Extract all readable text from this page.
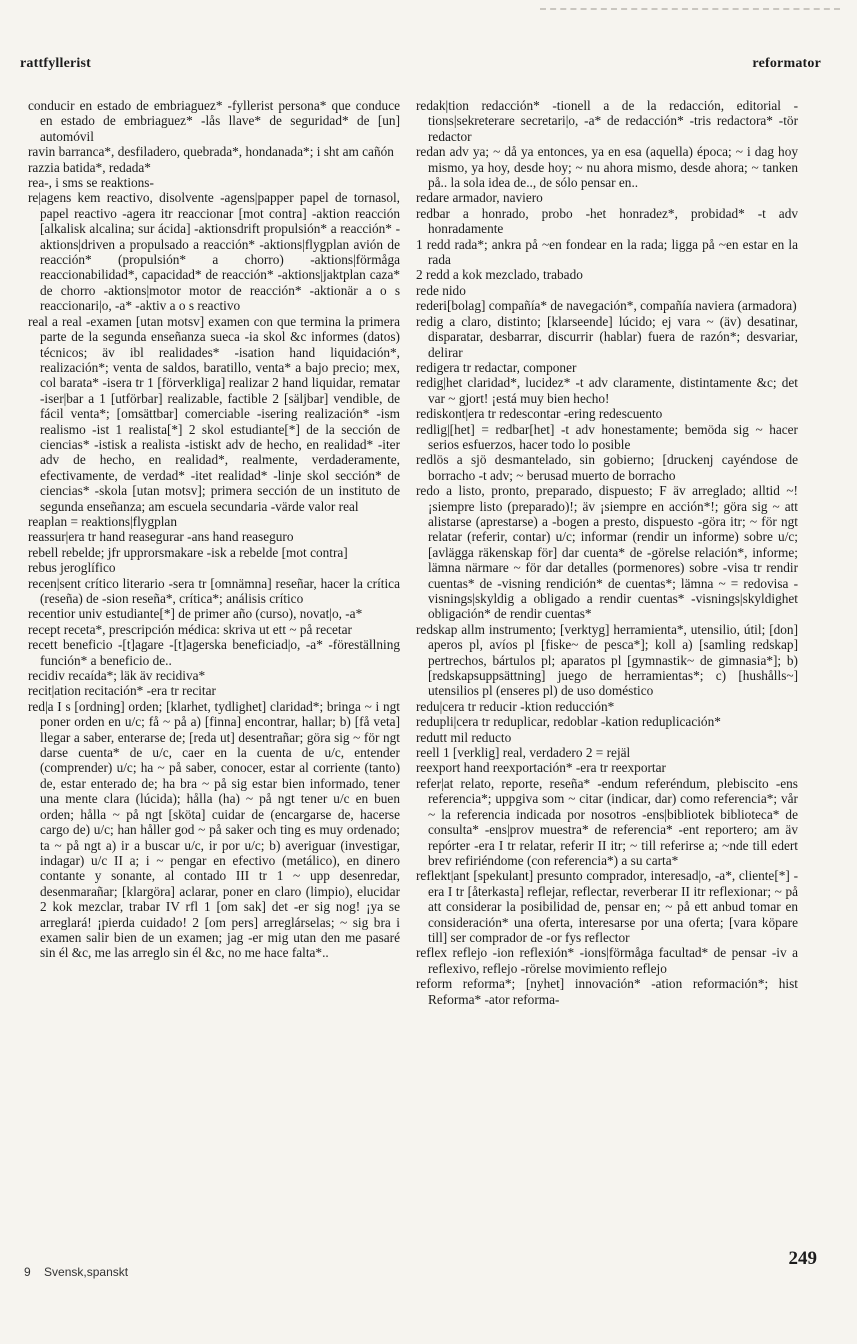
rattfyllerist	reformator

conducir en estado de embriaguez* -fyllerist persona* que conduce en estado de embriaguez* -lås llave* de seguridad* de [un] automóvil

ravin barranca*, desfiladero, quebrada*, hondanada*; i sht am cañón

razzia batida*, redada*

rea-, i sms se reaktions-

re|agens kem reactivo, disolvente -agens|papper papel de tornasol, papel reactivo -agera itr reaccionar [mot contra] -aktion reacción [alkalisk alcalina; sur ácida] -aktionsdrift propulsión* a reacción* -aktions|driven a propulsado a reacción* -aktions|flygplan avión de reacción* (propulsión* a chorro) -aktions|förmåga reaccionabilidad*, capacidad* de reacción* -aktions|jaktplan caza* de chorro -aktions|motor motor de reacción* -aktionär a o s reaccionari|o, -a* -aktiv a o s reactivo

real a real -examen [utan motsv] examen con que termina la primera parte de la segunda enseñanza sueca -ia skol &c informes (datos) técnicos; äv ibl realidades* -isation hand liquidación*, realización*; venta de saldos, baratillo, venta* a bajo precio; mex, col barata* -isera tr 1 [förverkliga] realizar 2 hand liquidar, rematar -iser|bar a 1 [utförbar] realizable, factible 2 [säljbar] vendible, de fácil venta*; [omsättbar] comerciable -isering realización* -ism realismo -ist 1 realista[*] 2 skol estudiante[*] de la sección de ciencias* -istisk a realista -istiskt adv de hecho, en realidad* -iter adv de hecho, en realidad*, realmente, verdaderamente, efectivamente, de verdad* -itet realidad* -linje skol sección* de ciencias* -skola [utan motsv]; primera sección de un instituto de segunda enseñanza; am escuela secundaria -värde valor real

reaplan = reaktions|flygplan

reassur|era tr hand reasegurar -ans hand reaseguro

rebell rebelde; jfr upprorsmakare -isk a rebelde [mot contra]

rebus jeroglífico

recen|sent crítico literario -sera tr [omnämna] reseñar, hacer la crítica (reseña) de -sion reseña*, crítica*; análisis crítico

recentior univ estudiante[*] de primer año (curso), novat|o, -a*

recept receta*, prescripción médica: skriva ut ett ~ på recetar

recett beneficio -[t]agare -[t]agerska beneficiad|o, -a* -föreställning función* a beneficio de..

recidiv recaída*; läk äv recidiva*

recit|ation recitación* -era tr recitar

red|a I s [ordning] orden; [klarhet, tydlighet] claridad*; bringa ~ i ngt poner orden en u/c; få ~ på a) [finna] encontrar, hallar; b) [få veta] llegar a saber, enterarse de; [reda ut] desentrañar; göra sig ~ för ngt darse cuenta* de u/c, caer en la cuenta de u/c, entender (comprender) u/c; ha ~ på saber, conocer, estar al corriente (tanto) de, estar enterado de; ha bra ~ på sig estar bien informado, tener una mente clara (lúcida); hålla (ha) ~ på ngt tener u/c en buen orden; hålla ~ på ngt [sköta] cuidar de (encargarse de, hacerse cargo de) u/c; han håller god ~ på saker och ting es muy ordenado; ta ~ på ngt a) ir a buscar u/c, ir por u/c; b) averiguar (investigar, indagar) u/c II a; i ~ pengar en efectivo (metálico), en dinero contante y sonante, al contado III tr 1 ~ upp desenredar, desenmarañar; [klargöra] aclarar, poner en claro (limpio), elucidar 2 kok mezclar, trabar IV rfl 1 [om sak] det -er sig nog! ¡ya se arreglará! ¡pierda cuidado! 2 [om pers] arreglárselas; ~ sig bra i examen salir bien de un examen; jag -er mig utan den me pasaré sin él &c, me las arreglo sin él &c, no me hace falta*..

redak|tion redacción* -tionell a de la redacción, editorial -tions|sekreterare secretari|o, -a* de redacción* -tris redactora* -tör redactor

redan adv ya; ~ då ya entonces, ya en esa (aquella) época; ~ i dag hoy mismo, ya hoy, desde hoy; ~ nu ahora mismo, desde ahora; ~ tanken på.. la sola idea de.., de sólo pensar en..

redare armador, naviero

redbar a honrado, probo -het honradez*, probidad* -t adv honradamente

1 redd rada*; ankra på ~en fondear en la rada; ligga på ~en estar en la rada

2 redd a kok mezclado, trabado

rede nido

rederi[bolag] compañía* de navegación*, compañía naviera (armadora)

redig a claro, distinto; [klarseende] lúcido; ej vara ~ (äv) desatinar, disparatar, desbarrar, discurrir (hablar) fuera de razón*; desvariar, delirar

redigera tr redactar, componer

redig|het claridad*, lucidez* -t adv claramente, distintamente &c; det var ~ gjort! ¡está muy bien hecho!

rediskont|era tr redescontar -ering redescuento

redlig|[het] = redbar[het] -t adv honestamente; bemöda sig ~ hacer serios esfuerzos, hacer todo lo posible

redlös a sjö desmantelado, sin gobierno; [druckenj cayéndose de borracho -t adv; ~ berusad muerto de borracho

redo a listo, pronto, preparado, dispuesto; F äv arreglado; alltid ~! ¡siempre listo (preparado)!; äv ¡siempre en acción*!; göra sig ~ att alistarse (aprestarse) a -bogen a presto, dispuesto -göra itr; ~ för ngt relatar (referir, contar) u/c; informar (rendir un informe) sobre u/c; [avlägga räkenskap för] dar cuenta* de -görelse relación*, informe; lämna närmare ~ för dar detalles (pormenores) sobre -visa tr rendir cuentas* de -visning rendición* de cuentas*; lämna ~ = redovisa -visnings|skyldig a obligado a rendir cuentas* -visnings|skyldighet obligación* de rendir cuentas*

redskap allm instrumento; [verktyg] herramienta*, utensilio, útil; [don] aperos pl, avíos pl [fiske~ de pesca*]; koll a) [samling redskap] pertrechos, bártulos pl; aparatos pl [gymnastik~ de gimnasia*]; b) [redskapsuppsättning] juego de herramientas*; c) [hushålls~] utensilios pl (enseres pl) de uso doméstico

redu|cera tr reducir -ktion reducción*

redupli|cera tr reduplicar, redoblar -kation reduplicación*

redutt mil reducto

reell 1 [verklig] real, verdadero 2 = rejäl

reexport hand reexportación* -era tr reexportar

refer|at relato, reporte, reseña* -endum referéndum, plebiscito -ens referencia*; uppgiva som ~ citar (indicar, dar) como referencia*; vår ~ la referencia indicada por nosotros -ens|bibliotek biblioteca* de consulta* -ens|prov muestra* de referencia* -ent reportero; am äv repórter -era I tr relatar, referir II itr; ~ till referirse a; ~nde till edert brev refiriéndome (con referencia*) a su carta*

reflekt|ant [spekulant] presunto comprador, interesad|o, -a*, cliente[*] -era I tr [återkasta] reflejar, reflectar, reverberar II itr reflexionar; ~ på att considerar la posibilidad de, pensar en; ~ på ett anbud tomar en consideración* una oferta, interesarse por una oferta; [vara köpare till] ser comprador de -or fys reflector

reflex reflejo -ion reflexión* -ions|förmåga facultad* de pensar -iv a reflexivo, reflejo -rörelse movimiento reflejo

reform reforma*; [nyhet] innovación* -ation reformación*; hist Reforma* -ator reforma-

9 Svensk,spanskt
249
